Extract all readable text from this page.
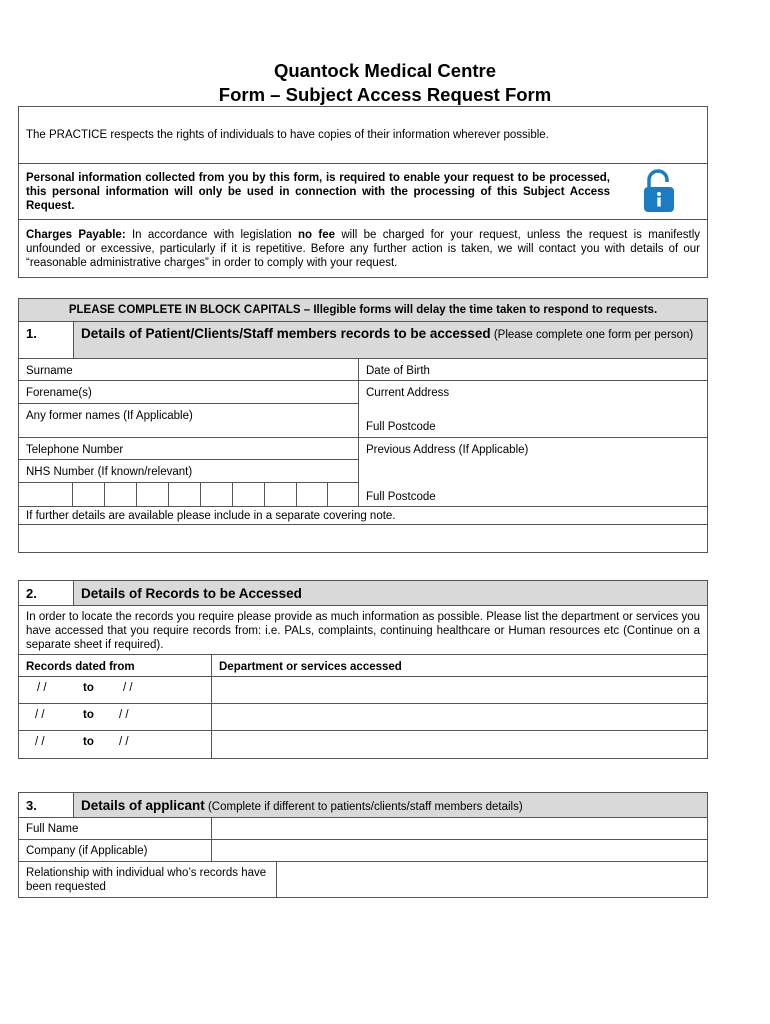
Quantock Medical Centre
Form – Subject Access Request Form
The PRACTICE respects the rights of individuals to have copies of their information wherever possible.
Personal information collected from you by this form, is required to enable your request to be processed, this personal information will only be used in connection with the processing of this Subject Access Request.
Charges Payable: In accordance with legislation no fee will be charged for your request, unless the request is manifestly unfounded or excessive, particularly if it is repetitive. Before any further action is taken, we will contact you with details of our “reasonable administrative charges” in order to comply with your request.
PLEASE COMPLETE IN BLOCK CAPITALS – Illegible forms will delay the time taken to respond to requests.
1.	Details of Patient/Clients/Staff members records to be accessed (Please complete one form per person)
Surname	Date of Birth
Forename(s)	Current Address
Any former names (If Applicable)
Full Postcode
Telephone Number	Previous Address (If Applicable)
NHS Number (If known/relevant)
Full Postcode
If further details are available please include in a separate covering note.
2.	Details of Records to be Accessed
In order to locate the records you require please provide as much information as possible. Please list the department or services you have accessed that you require records from: i.e. PALs, complaints, continuing healthcare or Human resources etc (Continue on a separate sheet if required).
Records dated from	Department or services accessed
/ /	to	/ /
/ /	to / /
/ /	to / /
3.	Details of applicant (Complete if different to patients/clients/staff members details)
Full Name
Company (if Applicable)
Relationship with individual who’s records have been requested
